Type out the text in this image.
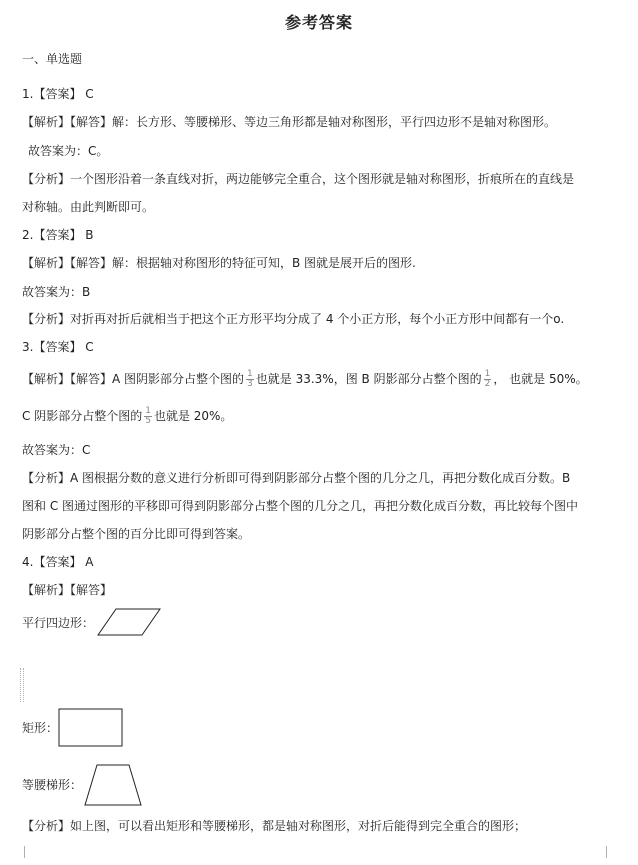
参考答案
一、单选题
1.【答案】 C
【解析】【解答】解：长方形、等腰梯形、等边三角形都是轴对称图形，平行四边形不是轴对称图形。
故答案为：C。
【分析】一个图形沿着一条直线对折，两边能够完全重合，这个图形就是轴对称图形，折痕所在的直线是
对称轴。由此判断即可。
2.【答案】 B
【解析】【解答】解：根据轴对称图形的特征可知，B 图就是展开后的图形.
故答案为：B
【分析】对折再对折后就相当于把这个正方形平均分成了 4 个小正方形，每个小正方形中间都有一个o.
3.【答案】 C
【解析】【解答】A 图阴影部分占整个图的 $\frac{1}{3}$ 也就是 33.3%，图 B 阴影部分占整个图的 $\frac{1}{2}$ ， 也就是 50%。
C 阴影部分占整个图的 $\frac{1}{5}$ 也就是 20%。
故答案为：C
【分析】A 图根据分数的意义进行分析即可得到阴影部分占整个图的几分之几，再把分数化成百分数。B
图和 C 图通过图形的平移即可得到阴影部分占整个图的几分之几，再把分数化成百分数，再比较每个图中
阴影部分占整个图的百分比即可得到答案。
4.【答案】 A
【解析】【解答】
平行四边形：
矩形：
等腰梯形：
【分析】如上图，可以看出矩形和等腰梯形，都是轴对称图形，对折后能得到完全重合的图形；
